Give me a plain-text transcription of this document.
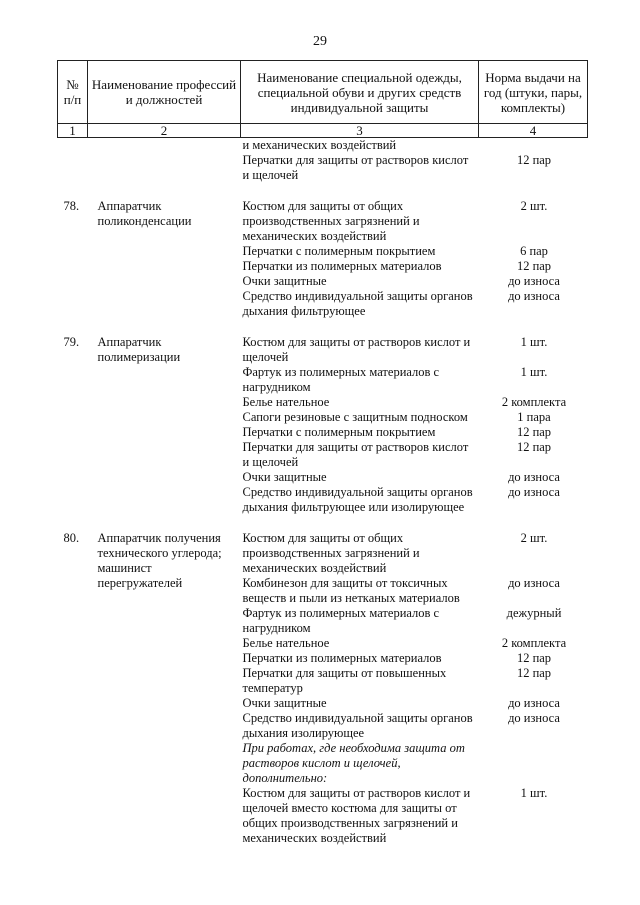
29
№ п/п	Наименование профессий и должностей	Наименование специальной одежды, специальной обуви и других средств индивидуальной защиты	Норма выдачи на год (штуки, пары, комплекты)
1	2	3	4
		и механических воздействий	
		Перчатки для защиты от растворов кислот и щелочей	12 пар

78.	Аппаратчик поликонденсации	Костюм для защиты от общих производственных загрязнений и механических воздействий	2 шт.
		Перчатки с полимерным покрытием	6 пар
		Перчатки из полимерных материалов	12 пар
		Очки защитные	до износа
		Средство индивидуальной защиты органов дыхания фильтрующее	до износа

79.	Аппаратчик полимеризации	Костюм для защиты от растворов кислот и щелочей	1 шт.
		Фартук из полимерных материалов с нагрудником	1 шт.
		Белье нательное	2 комплекта
		Сапоги резиновые с защитным подноском	1 пара
		Перчатки с полимерным покрытием	12 пар
		Перчатки для защиты от растворов кислот и щелочей	12 пар
		Очки защитные	до износа
		Средство индивидуальной защиты органов дыхания фильтрующее или изолирующее	до износа

80.	Аппаратчик получения технического углерода; машинист перегружателей	Костюм для защиты от общих производственных загрязнений и механических воздействий	2 шт.
		Комбинезон для защиты от токсичных веществ и пыли из нетканых материалов	до износа
		Фартук из полимерных материалов с нагрудником	дежурный
		Белье нательное	2 комплекта
		Перчатки из полимерных материалов	12 пар
		Перчатки для защиты от повышенных температур	12 пар
		Очки защитные	до износа
		Средство индивидуальной защиты органов дыхания изолирующее	до износа
		При работах, где необходима защита от растворов кислот и щелочей, дополнительно:	
		Костюм для защиты от растворов кислот и щелочей вместо костюма для защиты от общих производственных загрязнений и механических воздействий	1 шт.
